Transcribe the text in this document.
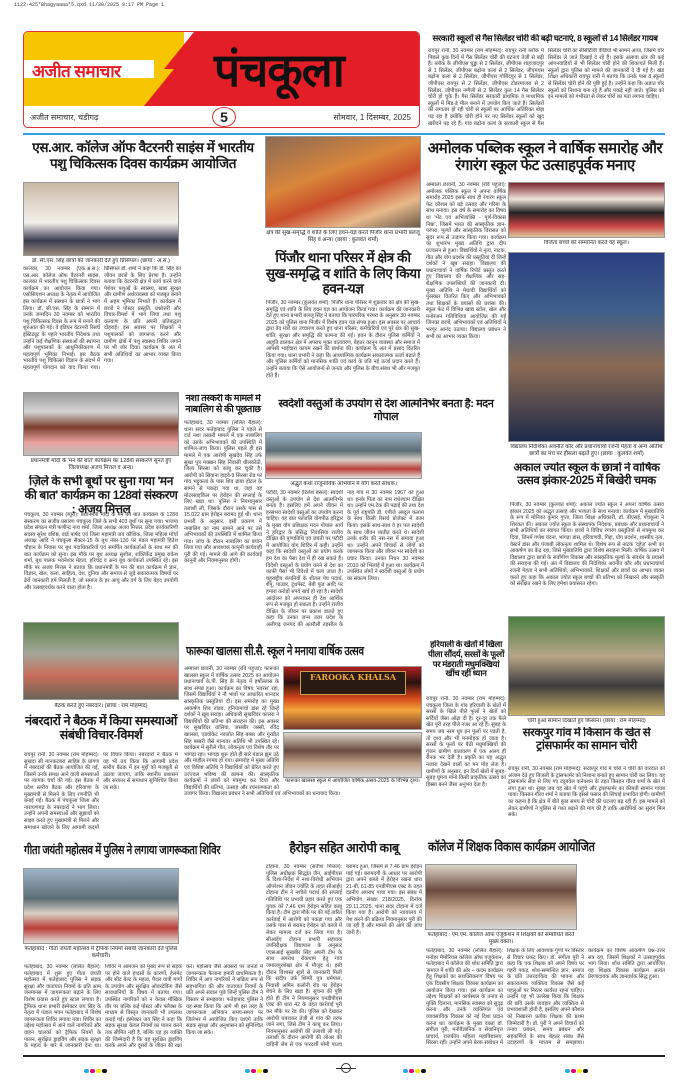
1122-425*Bhagyaaaa*5.qxd 11/30/2025 9:17 PM Page 1
अजीत समाचार पंचकूला
अजीत समाचार, चंडीगढ़	5	सोमवार, 1 दिसम्बर, 2025
सरकारी स्कूलों से गैस सिलेंडर चोरी की बढ़ी घटनाएं, 8 स्कूलों से 14 सिलेंडर गायब
रायपुर रानी, 30 नवम्बर (राम मोहम्मद): रायपुर रानी ब्लॉक में पिछले कुछ दिनों में गैस सिलेंडर चोरी की घटनाएं तेजी से बढ़ी हैं। ब्लॉक के जीपीएस धुड्ढा से 2 सिलेंडर, जीपीएस शाहजादपुर से 1 सिलेंडर, जीपीएस बढ़ोना कलां से 2 सिलेंडर, जीएमएस बढ़ोना कलां से 2 सिलेंडर, जीपीएस गोबिंदपुर से 1 सिलेंडर, जीपीएस रायपुर से 2 सिलेंडर, जीपीएस टोडरमाजरा से 2 सिलेंडर, जीपीएस नग्गैली से 2 सिलेंडर कुल 14 गैस सिलेंडर चोरी हो चुके हैं। गैस सिलेंडर सरकारी प्राथमिक व माध्यमिक स्कूलों में मिड-डे मील बनाने में उपयोग किए जाते हैं। सिलेंडरों की लगातार हो रही चोरी से स्कूलों पर आर्थिक अतिरिक्त बोझ पड़ रहा है क्योंकि चोरी होने पर नए सिलेंडर स्कूलों को खुद खरीदने पड़ रहे हैं। गांव बढ़ोना कलां के सरकारी स्कूल से गैस सिलेंडर चोरी का सीसीटीवी वीडियो भी सामने आया, जिसमें चोर सिलेंडर ले जाते दिखाई दे रहे हैं। इसके अलावा क्षेत्र की कई आंगनवाड़ियों से भी सिलेंडर चोरी होने की शिकायतें मिली हैं। स्कूलों द्वारा पुलिस को मामले की जानकारी दे दी गई है। खंड शिक्षा अधिकारी रायपुर रानी ने बताया कि उनके पास 8 स्कूलों से सिलेंडर चोरी होने की पुष्टि हुई है। उन्होंने कहा कि अज्ञात चोर स्कूलों को निशाना बना रहे हैं और पकड़े नहीं जाते। पुलिस को इन मामलों को गंभीरता से लेकर चोरों का पता लगाना चाहिए।
एस.आर. कॉलेज ऑफ वैटरनरी साइंस में भारतीय पशु चिकित्सक दिवस कार्यक्रम आयोजित
डॉ. सी.एस. सिंह छात्रों को जानकारी देते हुए प्रिंसिपल। (छाया : अ.स.)
कालका, 30 नवम्बर (एक.अ.स.): एस.आर. कॉलेज ऑफ वैटरनरी साइंस, कालका में भारतीय पशु चिकित्सक दिवस कार्यक्रम का आयोजन किया गया। एसोसिएशन अध्यक्ष के नेतृत्व में आयोजित इस कार्यक्रम में संस्थान के छात्रों ने भाग लिया। डॉ. सी.एस. सिंह के सम्मान में उनके जन्मदिन 30 नवम्बर को भारतीय पशु चिकित्सक दिवस के रूप में मनाने की शुरुआत की गई। वे इंडियन वेटरनरी रिसर्च इंस्टिट्यूट के पहले भारतीय निदेशक तथा उन्होंने कई शैक्षणिक संस्थाओं की स्थापना और पशुपालकों के आधुनिकीकरण में महत्वपूर्ण भूमिका निभाई। इस बैठक भारतीय पशु चिकित्सा विज्ञान के संदर्भ में महत्वपूर्ण योगदान को याद किया गया। प्रिंसिपल डॉ. शर्मा ने कहा कि डॉ. सिंह का जीवन छात्रों के लिए प्रेरणा है। उन्होंने बताया कि वेटरनरी क्षेत्र में कार्य करने वाले पेशेवर पशुओं के स्वास्थ्य, खाद्य सुरक्षा और ग्रामीण अर्थव्यवस्था को मजबूत बनाने में अहम भूमिका निभाते हैं। कार्यक्रम में छात्रों ने पोस्टर प्रस्तुति, प्रश्नोत्तरी और विचार-विमर्श में भाग लिया तथा पशु कल्याण के प्रति अपनी प्रतिबद्धता दोहराई। इस अवसर पर शिक्षकों ने पशुपालकों को जागरूक करने और ग्रामीण क्षेत्रों में पशु स्वास्थ्य शिविर लगाने पर भी जोर दिया। कार्यक्रम के अंत में सभी अतिथियों का आभार व्यक्त किया गया।
क्षेत्र की सुख-समृद्धि व शांति के लिए हवन-यज्ञ करते पिंजौर थाना प्रभारी बलजू सिंह व अन्य। (छाया : कुलवंत शर्मा)
पिंजौर थाना परिसर में क्षेत्र की सुख-समृद्धि व शांति के लिए किया हवन-यज्ञ
पिंजौर, 30 नवम्बर (कुलवंत शर्मा): पिंजौर थाना परिसर में शुक्रवार को क्षेत्र की सुख-समृद्धि एवं शांति के लिए हवन यज्ञ का आयोजन किया गया। कार्यक्रम की जानकारी देते हुए थाना प्रभारी बलजू सिंह ने बताया कि पारंपरिक परंपरा के अनुसार 30 नवम्बर 2025 को पुलिस थाना पिंजौर में विशेष हवन यज्ञ संपन्न हुआ। इस अवसर पर आचार्य द्वारा वेद मंत्रों का उच्चारण करते हुए थाना परिसर, कर्मचारियों एवं पूरे क्षेत्र की सुख-शांति, सुरक्षा और समृद्धि की कामना की गई। हवन के दौरान पुलिस कर्मियों ने आहुति डालकर क्षेत्र में अपराध मुक्त वातावरण, बेहतर कानून व्यवस्था और समाज में आपसी भाईचारा कायम रखने की प्रार्थना की। कार्यक्रम के अंत में प्रसाद वितरित किया गया। थाना प्रभारी ने कहा कि आध्यात्मिक कार्यक्रम सकारात्मक ऊर्जा बढ़ाते हैं और पुलिस कर्मियों को मानसिक शांति एवं कार्य के प्रति नई ऊर्जा प्रदान करते हैं। उन्होंने बताया कि ऐसे आयोजनों से जनता और पुलिस के बीच संबंध भी और मजबूत होते हैं।
अमोलक पब्लिक स्कूल ने वार्षिक समारोह और रंगारंग स्कूल फेट उत्साहपूर्वक मनाए
अम्बाला छावनी, 30 नवम्बर (रवि पहुजा): अमोलक पब्लिक स्कूल ने अपना वार्षिक समारोह 2025 इसके साथ ही रंगारंग स्कूल फेट कौशल को बड़े उत्साह और गरिमा के साथ मनाया। इस वर्ष के समारोह का विषय था 'भेंट एवं अभिव्यक्ति - पूर्ण-विकास निष्ठा', जिसमें भारत की सांस्कृतिक ज्ञान-परंपरा, मूल्यों और सांस्कृतिक विरासत को सुंदर रूप से उजागर किया गया। कार्यक्रम का शुभारंभ मुख्य अतिथि द्वारा दीप प्रज्वलन से हुआ। विद्यार्थियों ने नृत्य, नाटक, गीत और योग प्रदर्शन की प्रस्तुतियां दीं जिन्हें दर्शकों ने खूब सराहा। विद्यालय की प्रधानाचार्या ने वार्षिक रिपोर्ट प्रस्तुत करते हुए विद्यालय की शैक्षणिक और सह-शैक्षणिक उपलब्धियों की जानकारी दी। मुख्य अतिथि ने मेधावी विद्यार्थियों को पुरस्कार वितरित किए और अभिभावकों तथा शिक्षकों के प्रयासों की प्रशंसा की। स्कूल फेट में विभिन्न खाद्य स्टॉल, खेल और मनोरंजन गतिविधियां आयोजित की गईं जिनका छात्रों, अभिभावकों एवं अतिथियों ने भरपूर आनंद उठाया। विद्यालय प्रबंधन ने सभी का आभार व्यक्त किया।
विजेता बच्चों को सम्मानित करते वह स्कूल।
विद्यालय निदेशिका अवनीत कौर और प्रधानाचार्या रजनी मेहता व अन्य अतिथि छात्रों का मंच पर हौसला बढ़ाते हुए। (छाया : कुलवंत शर्मा)
अकाल ज्योत स्कूल के छात्रों ने वार्षिक उत्सव झंकार-2025 में बिखेरी चमक
पिंजौर, 30 नवम्बर (कुलवंत शर्मा): अकाल ज्योत स्कूल ने अपना वार्षिक उत्सव झंकार 2025 को अद्भुत उत्साह और भव्यता के साथ मनाया। कार्यक्रम में मुख्यातिथि के रूप में मोनिका कुमार गुप्ता, जिला शिक्षा अधिकारी, डॉ. बीएसई, पंचकूला ने शिरकत की। अकाल ज्योत स्कूल के संस्थापक निदेशक, प्रबंधक और प्रधानाचार्या ने सभी अतिथियों का स्वागत किया। छात्रों ने विविध रंगारंग प्रस्तुतियों से मंत्रमुग्ध कर दिया, जिनमें गणेश वंदना, भांगड़ा डांस, हरियाणवी, गिद्दा, योग प्रदर्शन, शास्त्रीय नृत्य, वेस्टर्न डांस और पंजाबी लोकनृत्य शामिल थे। विशेष रूप से नाटक 'दहेज' सभी का आकर्षण का केंद्र रहा, जिसे मुख्यातिथि द्वारा विशेष सराहना मिली। वार्षिक उत्सव में विद्यालय द्वारा छात्रों के सर्वांगीण विकास और सांस्कृतिक मूल्यों के संवर्धन के प्रयासों की सराहना की गई। अंत में विद्यालय की निदेशिका अवनीत कौर और प्रधानाचार्या रजनी मेहता ने सभी अतिथियों, अभिभावकों, शिक्षकों और छात्रों का आभार व्यक्त करते हुए कहा कि अकाल ज्योत स्कूल बच्चों की प्रतिभा को निखारने और संस्कृति को संरक्षित रखने के लिए हमेशा प्रयासरत रहेगा।
प्रधानमंत्री मोदी के 'मन की बात' कार्यक्रम का 128वां संस्करण सुनते हुए जिलाध्यक्ष अजय मित्तल व अन्य।
ज़िले के सभी बूथों पर सुना गया 'मन की बात' कार्यक्रम का 128वां संस्करण : अजय मित्तल
पंचकूला, 30 नवम्बर (ब्यूरो): प्रधानमंत्री मोदी के मन की बात कार्यक्रम के 128वें संस्करण का सजीव प्रसारण पंचकूला जिले के सभी 403 बूथों पर सुना गया। भाजपा प्रदेश संगठन मंत्री फणीन्द्र नाथ शर्मा, जिला अध्यक्ष अजय मित्तल, प्रदेश कार्यकारिणी सदस्य सुरेश वशिष्ठ, वार्ड पार्षद एवं जिला महामंत्री जय कौशिक, जिला महिला मोर्चा अध्यक्ष आदि ने पंचकूला सैक्टर-15 के बूथ नंबर-130 पर मंडल महामंत्री हितेश चौहान के निवास पर बूथ पदाधिकारियों एवं समर्पित कार्यकर्ताओं के साथ मन की बात कार्यक्रम को सुना। इस मौके पर बूथ अध्यक्ष सुशील, शक्तिकेंद्र प्रमुख राकेश शर्मा, बूथ पालक भवनेश्वर मेहता, हरिचंद्र व अन्य बूथ कार्यकर्ता उपस्थित रहे। इस मौके पर अजय मित्तल ने बताया कि प्रधानमंत्री के मन की बात कार्यक्रम में ज्ञान, विज्ञान, खेल, कला, साहित्य, देश, दुनिया और समाज से जुड़े सकारात्मक विषयों पर ढेरों जानकारी हमें मिलती है, जो समाज के हर आयु और वर्ग के लिए बेहद उपयोगी और उत्साहवर्धक करने वाला होता है।
नशा तस्करी के मामले में नाबालिग से की पूछताछ
फतेहाबाद, 30 नवम्बर (ललित बैहाल): थाना सदर फतेहाबाद पुलिस ने पहले से दर्ज नशा तस्करी मामले में एक नाबालिग को उसके अभिभावकों की उपस्थिति में शामिल-जांच किया। पुलिस पहले ही इस मामले में एक आरोपी सुखदेव सिंह उर्फ सुखा पुत्र मक्खन सिंह निवासी धौलकोठी, जिला सिरसा को काबू कर चुकी है। आरोपी को सिवाना हाइवे-9 सिरसा रोड पर गांव भट्टूकलां के पास शिव ढाबा होटल के सामने से पकड़ा गया था, जहां वह मोटरसाइकिल पर हेरोइन की सप्लाई के लिए खड़ा था। पुलिस ने नियमानुसार तलाशी ली, जिसके दौरान उसके पास से 15.022 ग्राम हेरोइन बरामद हुई थी। थाना प्रभारी के अनुसार, इसी प्रकरण में नाबालिग का नाम सामने आने पर उसे अभिभावकों की उपस्थिति में शामिल किया गया। जांच के दौरान नाबालिग का बयान लिया गया और आवश्यक कानूनी कार्यवाही पूरी की गई। मामले की आगे की कार्यवाई कानूनी और नियमानुसार होगी।
स्वदेशी वस्तुओं के उपयोग से देश आत्मनिर्भर बनता है: मदन गोपाल
अद्भुत कथा राजूनायिक अभियान में योग करते साधक।
पटौदी, 30 नवम्बर (टिलेश बंसल): स्वदेशी वस्तुओं के उपयोग से देश आत्मनिर्भर बनता है। इसलिए हमें अपने जीवन में हरसंभव स्वदेशी वस्तुओं का उपयोग करना चाहिए। यह बात पतंजलि योगपीठ हरिद्वार के मुख्य योग प्रशिक्षक मदन गोपाल आर्य ने हरिद्वार के प्रसिद्ध निवासिया राजीव दीक्षित की पुण्यतिथि एवं जयंती पर पटौदी में आयोजित योग शिविर में कही। उन्होंने कहा कि स्वदेशी वस्तुओं का प्रयोग करके हम देश का पैसा देश में ही रख सकते हैं। विदेशी वस्तुओं के प्रयोग करने से देश का काफी पैसा भी विदेशों में चला जाता है। बहुराष्ट्रीय कंपनियों के शीतल पेय पदार्थ, शैंपू, पाउडर, टूथपेस्ट, बेबी फूड आदि पर हमारा करोड़ों रुपये खर्च हो रहा है। स्वदेशी आंदोलन को अपनाकर ही देश आर्थिक रूप से मजबूत हो सकता है। उन्होंने राजीव दीक्षित के जीवन पर प्रकाश डालते हुए कहा कि उनका जन्म उत्तर प्रदेश के अलीगढ़ जनपद की अतरौली तहसील के नाह गांव में 30 नवम्बर 1967 को हुआ था। इनके पिता का नाम राधेश्याम दीक्षित था। उन्होंने एम.टेक की पढ़ाई की तथा देश के पूर्व राष्ट्रपति डॉ. एपीजे अब्दुल कलाम के साथ किसी रिसर्च प्रोजेक्ट में काम किया। इसके साथ-साथ वे हर पल स्वदेशी के साथ जीवन व्यतीत करते थे। स्वदेशी उनके शरीर की नस-नस में समाया हुआ था। उन्होंने अपने विचारों से लोगों को जागरूक किया और जीवन भर स्वदेशी का प्रचार किया। उनका निधन 30 नवम्बर 2010 को भिलाई में हुआ था। कार्यक्रम में उपस्थित लोगों ने स्वदेशी वस्तुओं के प्रयोग का संकल्प लिया।
बैठक करते हुए नंबरदार। (छाया : राम मोहम्मद)
नंबरदारों ने बैठक में किया समस्याओं संबंधी विचार-विमर्श
रायपुर रानी, 30 नवम्बर (राम मोहम्मद): सुखदा सी मानकटबरा साहिब के प्रांगण में नंबरदारों की बैठक आयोजित की गई, जिसमें उनके समक्ष आने वाली समस्याओं पर व्यापक चर्चा की गई। इस बैठक में प्रदेश स्तरीय बैठक और हरियाणा के मुख्यमंत्री से मिलने के लिए रणनीति भी बनाई गई। बैठक में पंचकूला जिला और नारायणगढ़ के नंबरदारों ने भाग लिया। उन्होंने अपनी समस्याओं और सुझावों को साझा करते हुए मुख्यमंत्री से मिलने और समाधान खोजने के लिए आगामी कदमों पर विचार किया। नंबरदारों ने बैठक में यह भी तय किया कि आगामी प्रदेश स्तरीय बैठक में इन मुद्दों को मजबूती से उठाया जाएगा, ताकि स्थानीय प्रशासन और सरकार से समाधान सुनिश्चित किया जा सके।
फारूका खालसा सी.सै. स्कूल ने मनाया वार्षिक उत्सव
FAROOKA KHALSA
फारूका खालसा स्कूल में आयोजित वार्षिक उत्सव-2025 के विभिन्न दृश्य।
अम्बाला छावनी, 30 नवम्बर (रवि पहुजा): फारूका खालसा स्कूल में वार्षिक उत्सव 2025 का आयोजन प्रधानाचार्य के.पी. सिंह के नेतृत्व में हर्षोल्लास के साथ संपन्न हुआ। कार्यक्रम का विषय 'नवरस' रहा, जिसमें विद्यार्थियों ने नौ भावों पर आधारित शानदार सांस्कृतिक प्रस्तुतियां दीं। इस समारोह का मुख्य आकर्षण शिव तांडव, हनियामाचो डांस रहे जिन्हें दर्शकों ने खूब सराहा। अधिकारी सुखविंदर कालरा ने विद्यार्थियों की प्रतिभा की सराहना की। इस अवसर पर सुखविंदर वालिया, जसबीर जस्सी, रविंद्र खालसा, एडवोकेट नवजोत सिंह बब्बर और गुरप्रीत सिंह बब्बरी जैसे मान्यवर अतिथि भी उपस्थित रहे। कार्यक्रम में सुरीले गीत, लोकनृत्य एवं विशेष तौर पर भांगड़ा रहा। भांगड़ा शुरू होते ही सारे पंडाल झूम उठे और माहौल रंगमय हो गया। समारोह में मुख्य अतिथि एवं विशिष्ट अतिथि ने विद्यार्थियों को प्रेरित करते हुए उज्ज्वल भविष्य की कामना की। सांस्कृतिक कार्यक्रमों ने छात्रों को मंत्रमुग्ध कर दिया और विद्यार्थियों की प्रतिभा, उत्साह और रचनात्मकता को उजागर किया। विद्यालय प्रबंधन ने सभी अतिथियों एवं अभिभावकों का धन्यवाद किया।
हरियाली के खेतों में खिला पीला सौंदर्य, सरसों के फूलों पर मंडराती मधुमक्खियां खींच रहीं ध्यान
रायपुर रानी, 30 नवम्बर (राम मोहम्मद): पंचकूला जिला के गांव हरियाली के खेतों में सरसों के खिले पीले फूलों ने खेतों को सर्दियों जैसा ओढ़ा दी है। दूर-दूर तक फैले खेत पूरी तरह पीले नजर आ रहे हैं। सुबह के समय जब नरम धूप इन फूलों पर पड़ती है, तो दृश्य और भी मनमोहक हो जाता है। सरसों के फूलों पर बैठी मधुमक्खियों की गुंजन ग्रामीण वातावरण में एक अलग ही रौनक भर देती है। प्रकृति का यह अद्भुत नजारा देखने वालों का मन मोह लेता है। ग्रामीणों के अनुसार, इन दिनों खेतों में सुबह-सुबह घूमना मानो किसी प्राकृतिक उत्सव का हिस्सा बनने जैसा अनुभव देता है।
चोरी हुआ सामान दिखाते हुए किसान। (छाया : राम मोहम्मद)
सरकपुर गांव में किसान के खेत से ट्रांसफार्मर का सामान चोरी
रायपुर रानी, 30 नवम्बर (राम मोहम्मद): सरकपुर गांव में चोरों ने चोरी की वारदात को अंजाम देते हुए बिजली के ट्रांसफार्मर को निशाना बनाते हुए सामान चोरी कर लिया। यह ट्रांसफार्मर सेवा से लिए गए ट्यूबवेल कनेक्शन के तहत किसान गौरव शर्मा के खेत में लगा हुआ था। सुबह जब वह खेत में पहुंचे और ट्रांसफार्मर का कीमती सामान गायब पाया। किसान गौरव शर्मा ने बताया कि इससे फसल की सिंचाई प्रभावित होगी। ग्रामीणों का कहना है कि क्षेत्र में बीते कुछ समय से चोरी की घटनाएं बढ़ रही हैं। इस मामले को लेकर ग्रामीणों ने पुलिस से गश्त बढ़ाने की मांग की है ताकि आरोपियों का सुराग मिल सके।
गीता जयंती महोत्सव में पुलिस ने लगाया जागरूकता शिविर
फतेहाबाद : गीता जयंती महोत्सव में ट्रैफिक नियमों संबंधी जानकारी देते पुलिस कर्मचारी।
फतेहाबाद, 30 नवम्बर (ललित बैहाल): फतेहाबाद में शुरू हुए गीता जयंती महोत्सव में फतेहाबाद पुलिस ने सड़क सुरक्षा और यातायात नियमों के प्रति आम जनमानस में जागरूकता बढ़ाने के लिए विशेष प्रयास करते हुए स्टाल लगाया है। ट्रैफिक थाना प्रभारी इंस्पेक्टर जय सिंह के नेतृत्व में पंडाल भवन फतेहाबाद में विशेष जागरूकता शिविर लगाया गया। शिविर का उद्देश्य महोत्सव में आने वाले नागरिकों और वाहन चालकों को ट्रैफिक नियमों के पालन, सुरक्षित ड्राइविंग और सड़क सुरक्षा के महत्व के बारे में जानकारी देना था। शिविर में आमजन को मुख्य रूप से सड़क पर होने वाले हादसों के कारणों, हेलमेट और सीट बेल्ट के महत्व, पैदल यात्री मार्गों के उपयोग और सुरक्षित ओवरटेकिंग जैसे सावधानियों के विषय में बताया गया। उपस्थित नागरिकों को न केवल मौखिक तौर पर बल्कि कई पोस्टर और फ्लैक्स के माध्यम से विस्तृत जानकारी भी उपलब्ध कराई गई। इंस्पेक्टर जय सिंह ने कहा कि सड़क सुरक्षा केवल नियमों का पालन करने तक सीमित नहीं है, बल्कि यह हर व्यक्ति की जिम्मेदारी है कि वह सुरक्षित ड्राइविंग करके अपने और दूसरों के जीवन की रक्षा करे। महोत्सव जैसे अवसरों पर जनता में जागरूकता फैलाना हमारी प्राथमिकता है। शिविर में आए नागरिकों ने सक्रिय रूप से सहभागिता की और यातायात नियमों के प्रति अपने सवाल पूछे जिन्हें पुलिस टीम ने विस्तार से समझाया। फतेहाबाद पुलिस ने यह स्पष्ट किया कि आगे भी इस तरह के जागरूकता अभियान समय-समय पर जिलेभर में आयोजित किए जाएंगे ताकि सड़क सुरक्षा और अनुशासन को सुनिश्चित किया जा सके।
हैरोइन सहित आरोपी काबू
टोहाना, 30 नवम्बर (सतीश मित्तल): पुलिस अधीक्षक सिद्धांत जैन, आईपीएस के दिशा-निर्देश में नशा-विरोधी अभियान ऑपरेशन जीवन ज्योति के तहत सीआईए टोहाना टीम ने नशीले पदार्थ की सप्लाई गतिविधि पर प्रभावी प्रहार करते हुए एक युवक को 7.46 ग्राम हेरोइन सहित काबू किया है। टीम द्वारा मौके पर की गई त्वरित कार्रवाई में आरोपी को पकड़ा गया और उसके पास से बरामद हेरोइन को कब्जे में लेकर मामला दर्ज कर लिया गया है। सीआईए टोहाना प्रभारी सहायक उपनिरीक्षक विद्यापाल के अनुसार एएसआई सुखबीर सिंह अपनी टीम के साथ अपराध रोकथाम हेतु गांव जमालपुरशेखां क्षेत्र में मौजूद थे। इसी दौरान विश्वस्त सूत्रों से जानकारी मिली कि संदीप उर्फ़ शिम्पी पुत्र धर्मपाल, निवासी अमिन कलोनी रोड पर हेरोइन बेचने के लिए खड़ा है। सूचना की पुष्टि होते ही टीम ने नियमानुसार एनडीपीएस एक्ट की धारा 42 के तहत कार्रवाई पूरी कर मौके पर रेड की। पुलिस को देखकर आरोपी घबराकर तेजी से गांव की तरफ जाने लगा, जिसे टीम ने काबू कर लिया। नियमानुसार आरोपी की तलाशी ली गई। तलाशी के दौरान आरोपी की लोअर की दाहिनी जेब से एक पारदर्शी मोमी पाउच बरामद हुआ, जिसमें से 7.46 ग्राम हेरोइन पाई गई। बरामदगी के आधार पर आरोपी द्वारा अपने कब्जे में हेरोइन रखना धारा 21-बी, 61-85 एनडीपीएस एक्ट के तहत दंडनीय अपराध पाया गया। इस संबंध में अभियोग संख्या 218/2025, दिनांक 29.11.2025, थाना सदर टोहाना में दर्ज किया गया है। आरोपी को न्यायालय में पेश करने की प्रक्रिया नियमानुसार पूरी की जा रही है और मामले की आगे की जांच जारी है।
कॉलेज में शिक्षक विकास कार्यक्रम आयोजित
फतेहाबाद : एम.एम. कॉलेज ऑफ एजुकेशन में शिक्षकों को सम्बोधित करते मुख्य वक्ता।
फतेहाबाद, 30 नवम्बर (ललित बैहाल): मनोहर मैमोरियल कॉलेज ऑफ एजुकेशन, फतेहाबाद में कॉलेज की शोध समिति द्वारा 'समाज में शांति की ओर – कदम कार्यक्रम हेतु शिक्षकों का सशक्तिकरण' विषय पर एक दिवसीय शिक्षक विकास कार्यक्रम का आयोजन किया गया। इस कार्यक्रम का उद्देश्य शिक्षकों को कार्यस्थल के तनाव से मुक्ति दिलाना, मानसिक स्वास्थ्य को सुदृढ़ करना और उनके व्यक्तिगत एवं व्यावसायिक विकास को नई दिशा प्रदान करना था। कार्यक्रम के मुख्य वक्ता डॉ. संगीता पुरी, मनोवैज्ञानिक व सेवानिवृत्त प्राचार्य, राजकीय महिला महाविद्यालय, सिरसा रहीं। उन्होंने अपने प्रेरक संबोधन में शिक्षक के लिए आवश्यक गुणों पर विस्तार से विचार प्रकट किए। डॉ. संगीता पुरी ने कहा कि एक शिक्षक को अपने विषय पर गहरी पकड़, शोध-सम्बन्धित ज्ञान, समाज के प्रति उत्तरदायित्व की भावना और सकारात्मक व्यक्तित्व विकास जैसे कई पहलुओं पर निरंतर कार्यरत रहना चाहिए। उन्होंने यह भी उल्लेख किया कि शिक्षक की छवि उसके व्यवहार और व्यक्तित्व से प्रभावशाली होती है, इसलिए अपने कौशल को निखारना प्रत्येक शिक्षक की प्रथम जिम्मेदारी है। डॉ. पुरी ने अपने विचारों को तनाव प्रबंधन, समय प्रबंधन और सहकर्मियों के साथ बेहतर संबंध जैसे उदाहरणों के माध्यम से समझाया। कार्यक्रम का विशेष आकर्षण प्रश्न-उत्तर सत्र रहा, जिसमें शिक्षकों ने उत्साहपूर्वक भाग लिया। शोध समिति द्वारा आयोजित यह शिक्षक विकास कार्यक्रम अत्यंत प्रेरणादायक और ज्ञानवर्धक सिद्ध हुआ।
